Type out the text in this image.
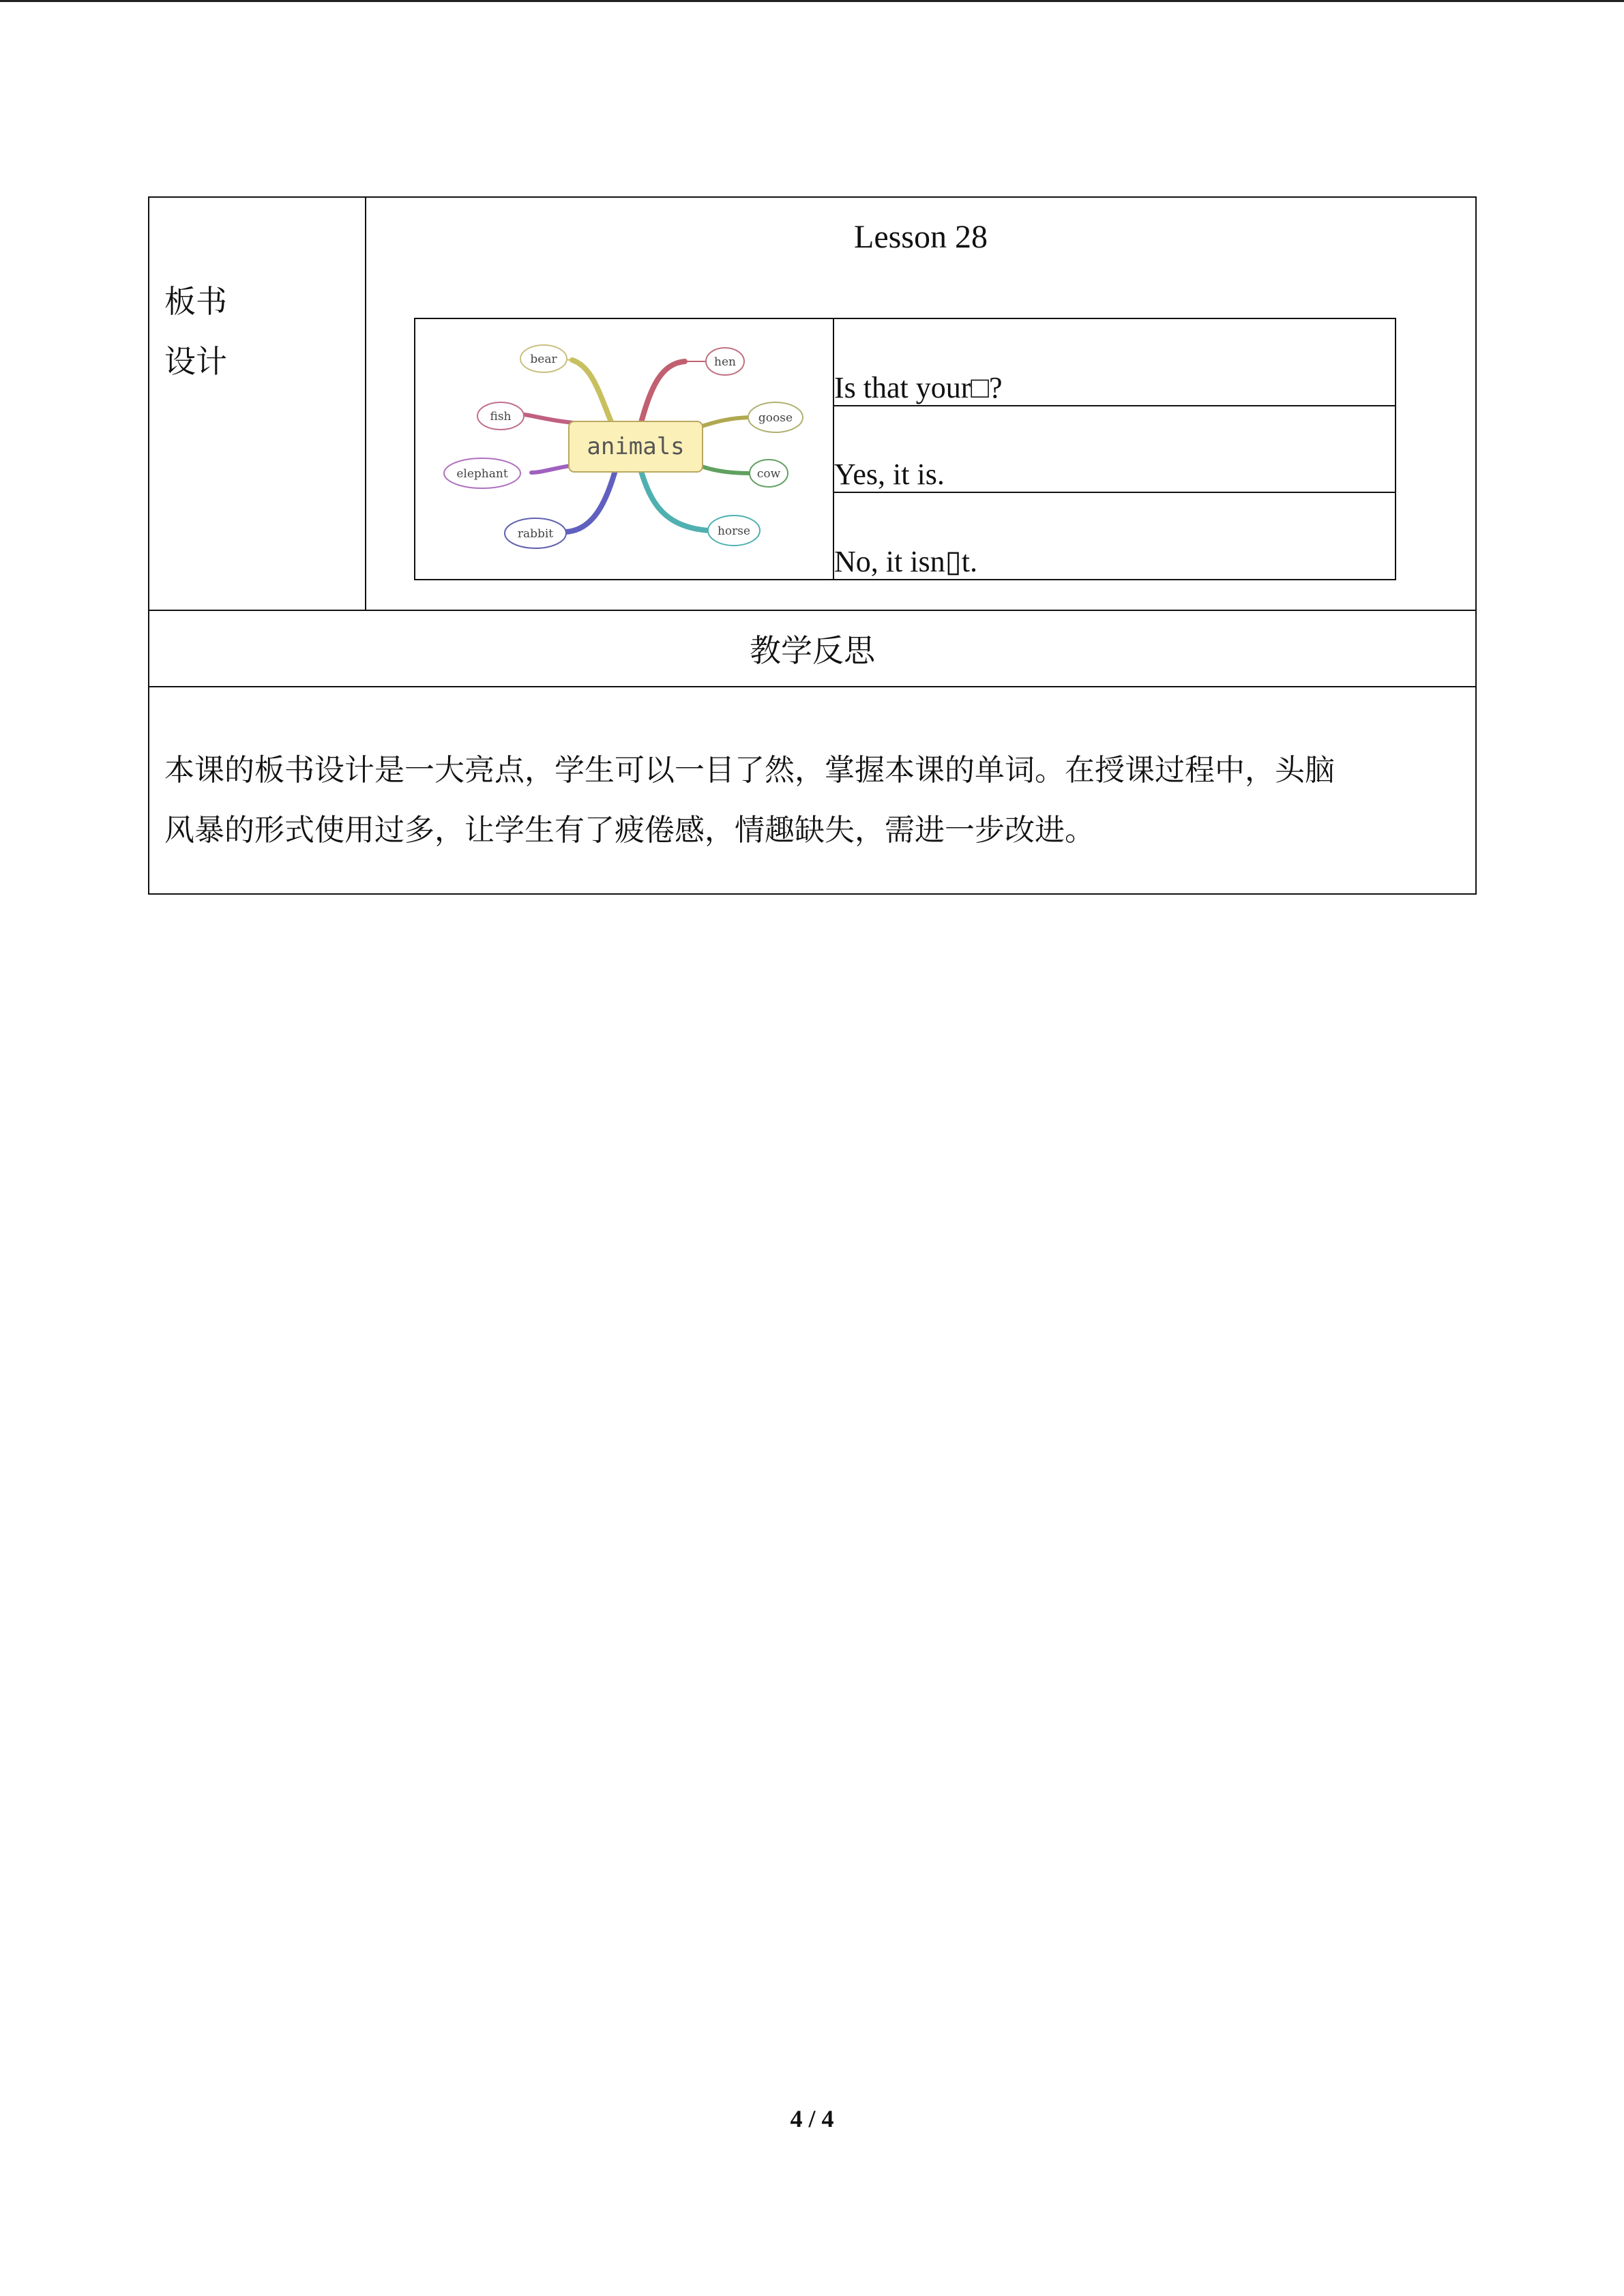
板书
设计

Lesson 28
bear
fish
elephant
rabbit
hen
goose
cow
horse
animals
	Is that your□?
Yes, it is.
No, it isn▯t.

教学反思

本课的板书设计是一大亮点，学生可以一目了然，掌握本课的单词。在授课过程中，头脑
风暴的形式使用过多，让学生有了疲倦感，情趣缺失，需进一步改进。
4 / 4
